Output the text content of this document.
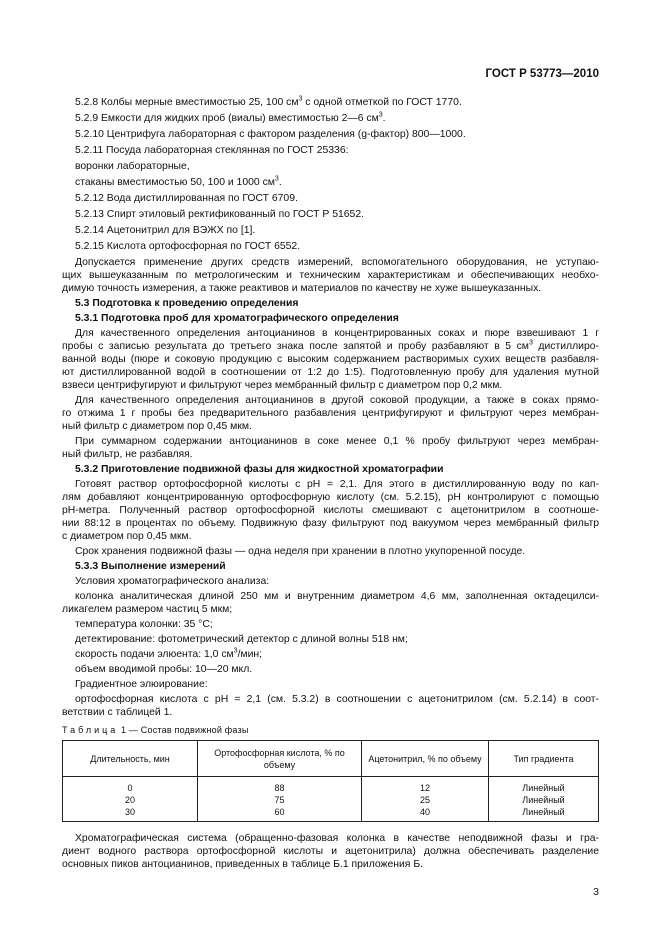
ГОСТ Р 53773—2010
5.2.8 Колбы мерные вместимостью 25, 100 $см^3$ с одной отметкой по ГОСТ 1770.
5.2.9 Емкости для жидких проб (виалы) вместимостью 2—6 $см^3$.
5.2.10 Центрифуга лабораторная с фактором разделения (g-фактор) 800—1000.
5.2.11 Посуда лабораторная стеклянная по ГОСТ 25336:
воронки лабораторные,
стаканы вместимостью 50, 100 и 1000 $см^3$.
5.2.12 Вода дистиллированная по ГОСТ 6709.
5.2.13 Спирт этиловый ректификованный по ГОСТ Р 51652.
5.2.14 Ацетонитрил для ВЭЖХ по [1].
5.2.15 Кислота ортофосфорная по ГОСТ 6552.
Допускается применение других средств измерений, вспомогательного оборудования, не уступаю-
щих вышеуказанным по метрологическим и техническим характеристикам и обеспечивающих необхо-
димую точность измерения, а также реактивов и материалов по качеству не хуже вышеуказанных.
5.3 Подготовка к проведению определения
5.3.1 Подготовка проб для хроматографического определения
Для качественного определения антоцианинов в концентрированных соках и пюре взвешивают 1 г
пробы с записью результата до третьего знака после запятой и пробу разбавляют в 5 $см^3$ дистиллиро-
ванной воды (пюре и соковую продукцию с высоким содержанием растворимых сухих веществ разбавля-
ют дистиллированной водой в соотношении от 1:2 до 1:5). Подготовленную пробу для удаления мутной
взвеси центрифугируют и фильтруют через мембранный фильтр с диаметром пор 0,2 мкм.
Для качественного определения антоцианинов в другой соковой продукции, а также в соках прямо-
го отжима 1 г пробы без предварительного разбавления центрифугируют и фильтруют через мембран-
ный фильтр с диаметром пор 0,45 мкм.
При суммарном содержании антоцианинов в соке менее 0,1 % пробу фильтруют через мембран-
ный фильтр, не разбавляя.
5.3.2 Приготовление подвижной фазы для жидкостной хроматографии
Готовят раствор ортофосфорной кислоты с pH = 2,1. Для этого в дистиллированную воду по кап-
лям добавляют концентрированную ортофосфорную кислоту (см. 5.2.15), pH контролируют с помощью
pH-метра. Полученный раствор ортофосфорной кислоты смешивают с ацетонитрилом в соотноше-
нии 88:12 в процентах по объему. Подвижную фазу фильтруют под вакуумом через мембранный фильтр
с диаметром пор 0,45 мкм.
Срок хранения подвижной фазы — одна неделя при хранении в плотно укупоренной посуде.
5.3.3 Выполнение измерений
Условия хроматографического анализа:
колонка аналитическая длиной 250 мм и внутренним диаметром 4,6 мм, заполненная октадецилси-
ликагелем размером частиц 5 мкм;
температура колонки: 35 °С;
детектирование: фотометрический детектор с длиной волны 518 нм;
скорость подачи элюента: 1,0 $см^3$/мин;
объем вводимой пробы: 10—20 мкл.
Градиентное элюирование:
ортофосфорная кислота с pH = 2,1 (см. 5.3.2) в соотношении с ацетонитрилом (см. 5.2.14) в соот-
ветствии с таблицей 1.
Таблица 1 — Состав подвижной фазы
Длительность, мин	Ортофосфорная кислота, % по объему	Ацетонитрил, % по объему	Тип градиента
0	88	12	Линейный
20	75	25	Линейный
30	60	40	Линейный
Хроматографическая система (обращенно-фазовая колонка в качестве неподвижной фазы и гра-
диент водного раствора ортофосфорной кислоты и ацетонитрила) должна обеспечивать разделение
основных пиков антоцианинов, приведенных в таблице Б.1 приложения Б.
3
